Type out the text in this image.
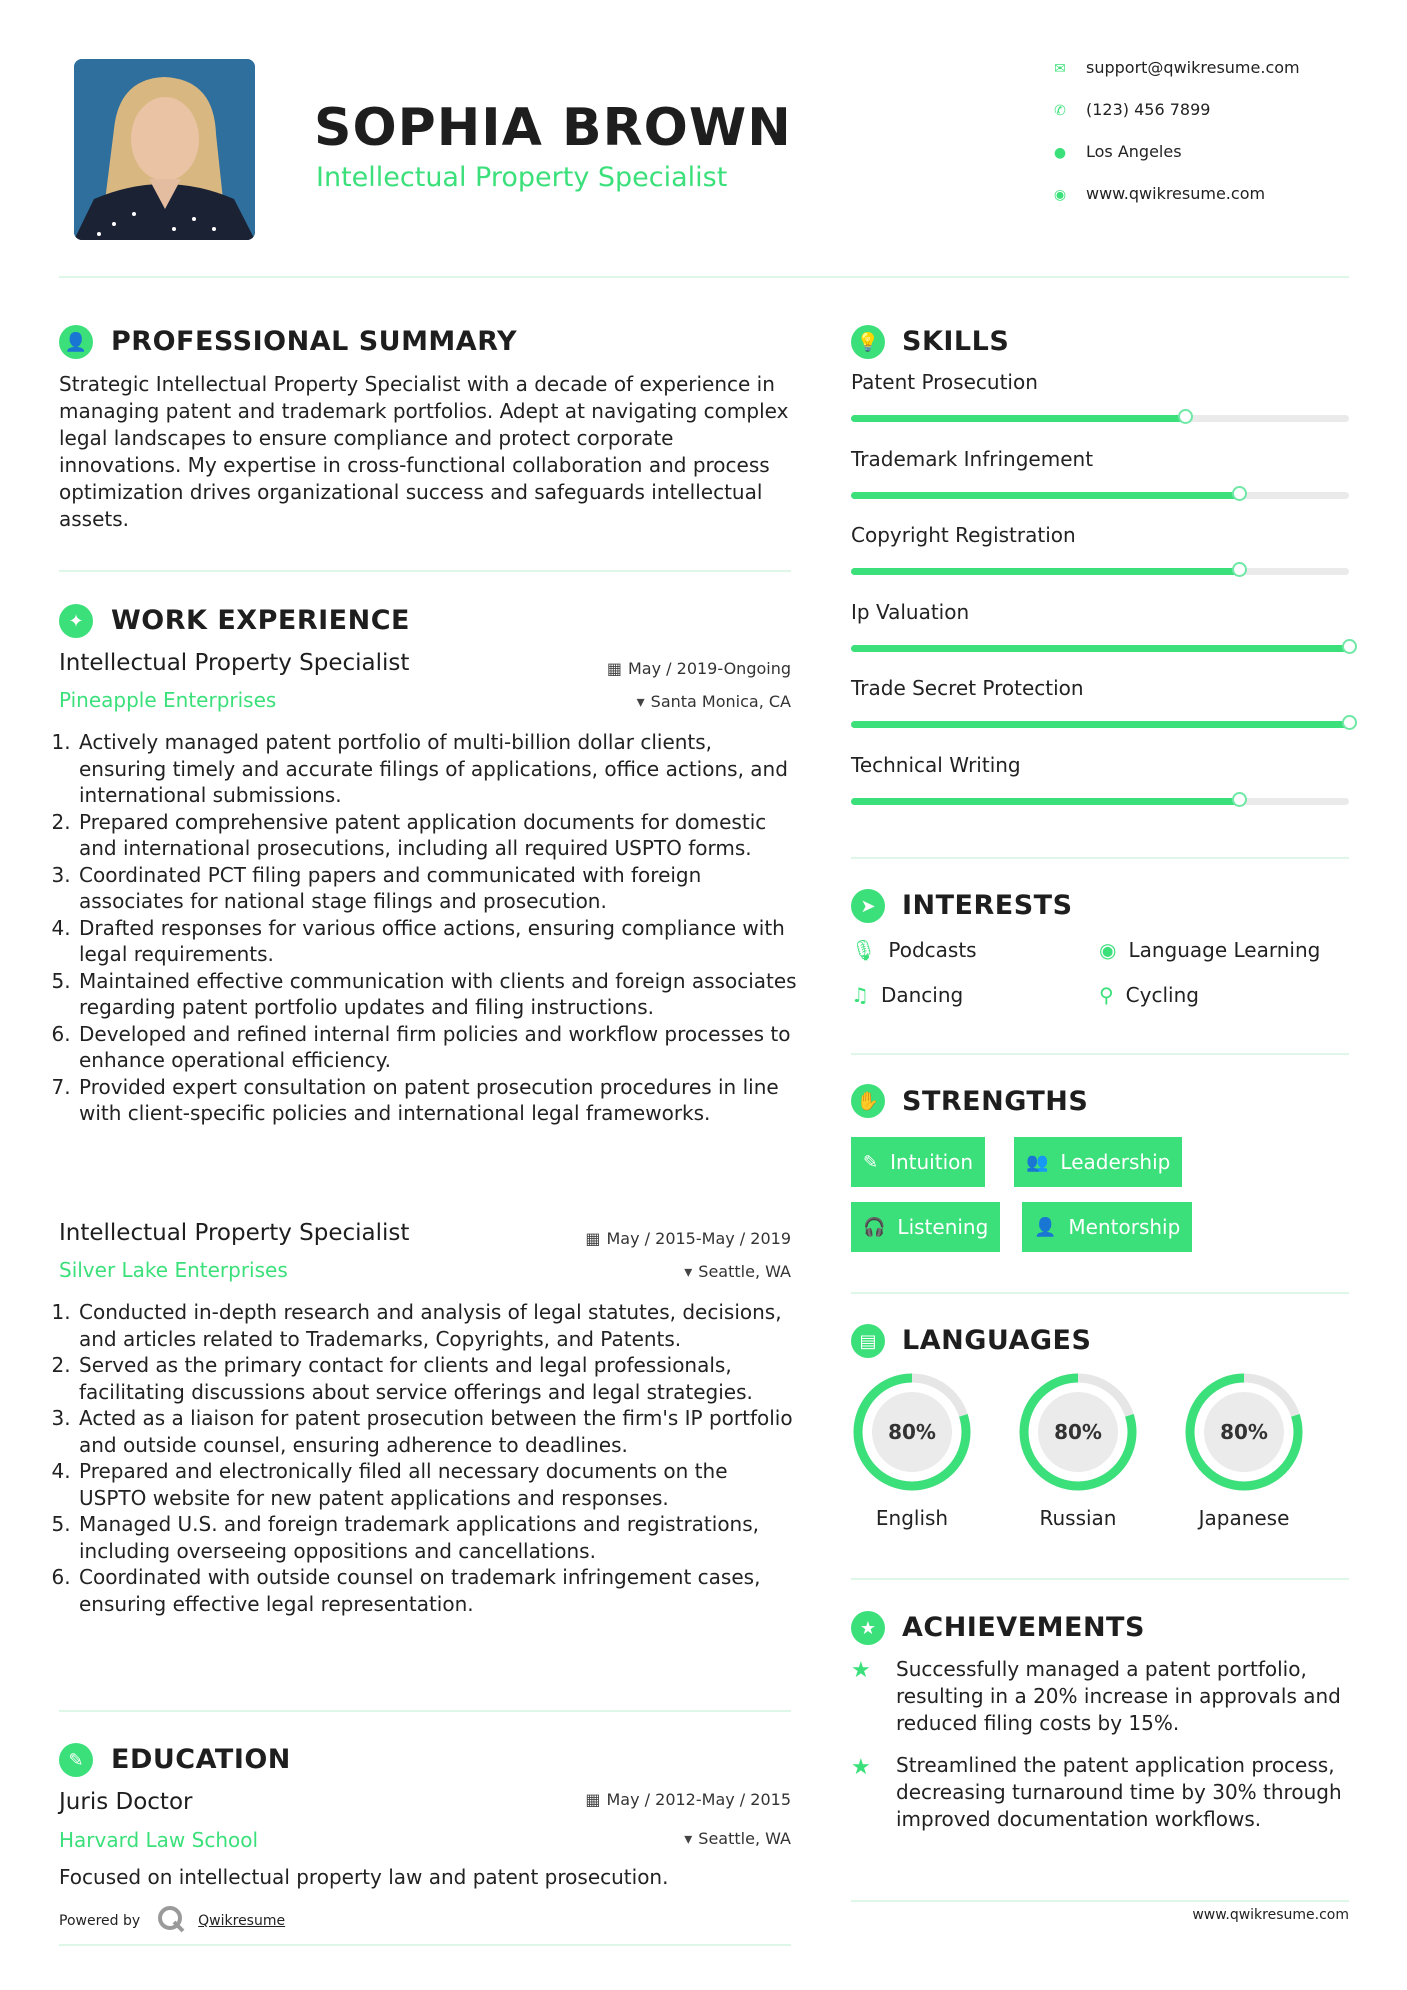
SOPHIA BROWN
Intellectual Property Specialist
✉ support@qwikresume.com
✆ (123) 456 7899
● Los Angeles
◉ www.qwikresume.com
👤 PROFESSIONAL SUMMARY
Strategic Intellectual Property Specialist with a decade of experience in managing patent and trademark portfolios. Adept at navigating complex legal landscapes to ensure compliance and protect corporate innovations. My expertise in cross-functional collaboration and process optimization drives organizational success and safeguards intellectual assets.
✦	WORK EXPERIENCE
Intellectual Property Specialist
Pineapple Enterprises
▦ May / 2019-Ongoing
▾ Santa Monica, CA
1. Actively managed patent portfolio of multi-billion dollar clients, ensuring timely and accurate filings of applications, office actions, and international submissions.
2. Prepared comprehensive patent application documents for domestic and international prosecutions, including all required USPTO forms.
3. Coordinated PCT filing papers and communicated with foreign associates for national stage filings and prosecution.
4. Drafted responses for various office actions, ensuring compliance with legal requirements.
5. Maintained effective communication with clients and foreign associates regarding patent portfolio updates and filing instructions.
6. Developed and refined internal firm policies and workflow processes to enhance operational efficiency.
7. Provided expert consultation on patent prosecution procedures in line with client-specific policies and international legal frameworks.
Intellectual Property Specialist
Silver Lake Enterprises
▦ May / 2015-May / 2019
▾ Seattle, WA
1. Conducted in-depth research and analysis of legal statutes, decisions, and articles related to Trademarks, Copyrights, and Patents.
2. Served as the primary contact for clients and legal professionals, facilitating discussions about service offerings and legal strategies.
3. Acted as a liaison for patent prosecution between the firm's IP portfolio and outside counsel, ensuring adherence to deadlines.
4. Prepared and electronically filed all necessary documents on the USPTO website for new patent applications and responses.
5. Managed U.S. and foreign trademark applications and registrations, including overseeing oppositions and cancellations.
6. Coordinated with outside counsel on trademark infringement cases, ensuring effective legal representation.
✎	EDUCATION
Juris Doctor
Harvard Law School
▦ May / 2012-May / 2015
▾ Seattle, WA
Focused on intellectual property law and patent prosecution.
Powered by	Qwikresume
💡 SKILLS
Patent Prosecution
Trademark Infringement
Copyright Registration
Ip Valuation
Trade Secret Protection
Technical Writing
➤ INTERESTS
🎙 Podcasts	◉ Language Learning
♫ Dancing	⚲ Cycling
✋ STRENGTHS
✎ Intuition	👥 Leadership
🎧 Listening	👤 Mentorship
▤ LANGUAGES
80%
English
80%
Russian
80%
Japanese
★ ACHIEVEMENTS
★ Successfully managed a patent portfolio, resulting in a 20% increase in approvals and reduced filing costs by 15%.
★ Streamlined the patent application process, decreasing turnaround time by 30% through improved documentation workflows.
www.qwikresume.com
